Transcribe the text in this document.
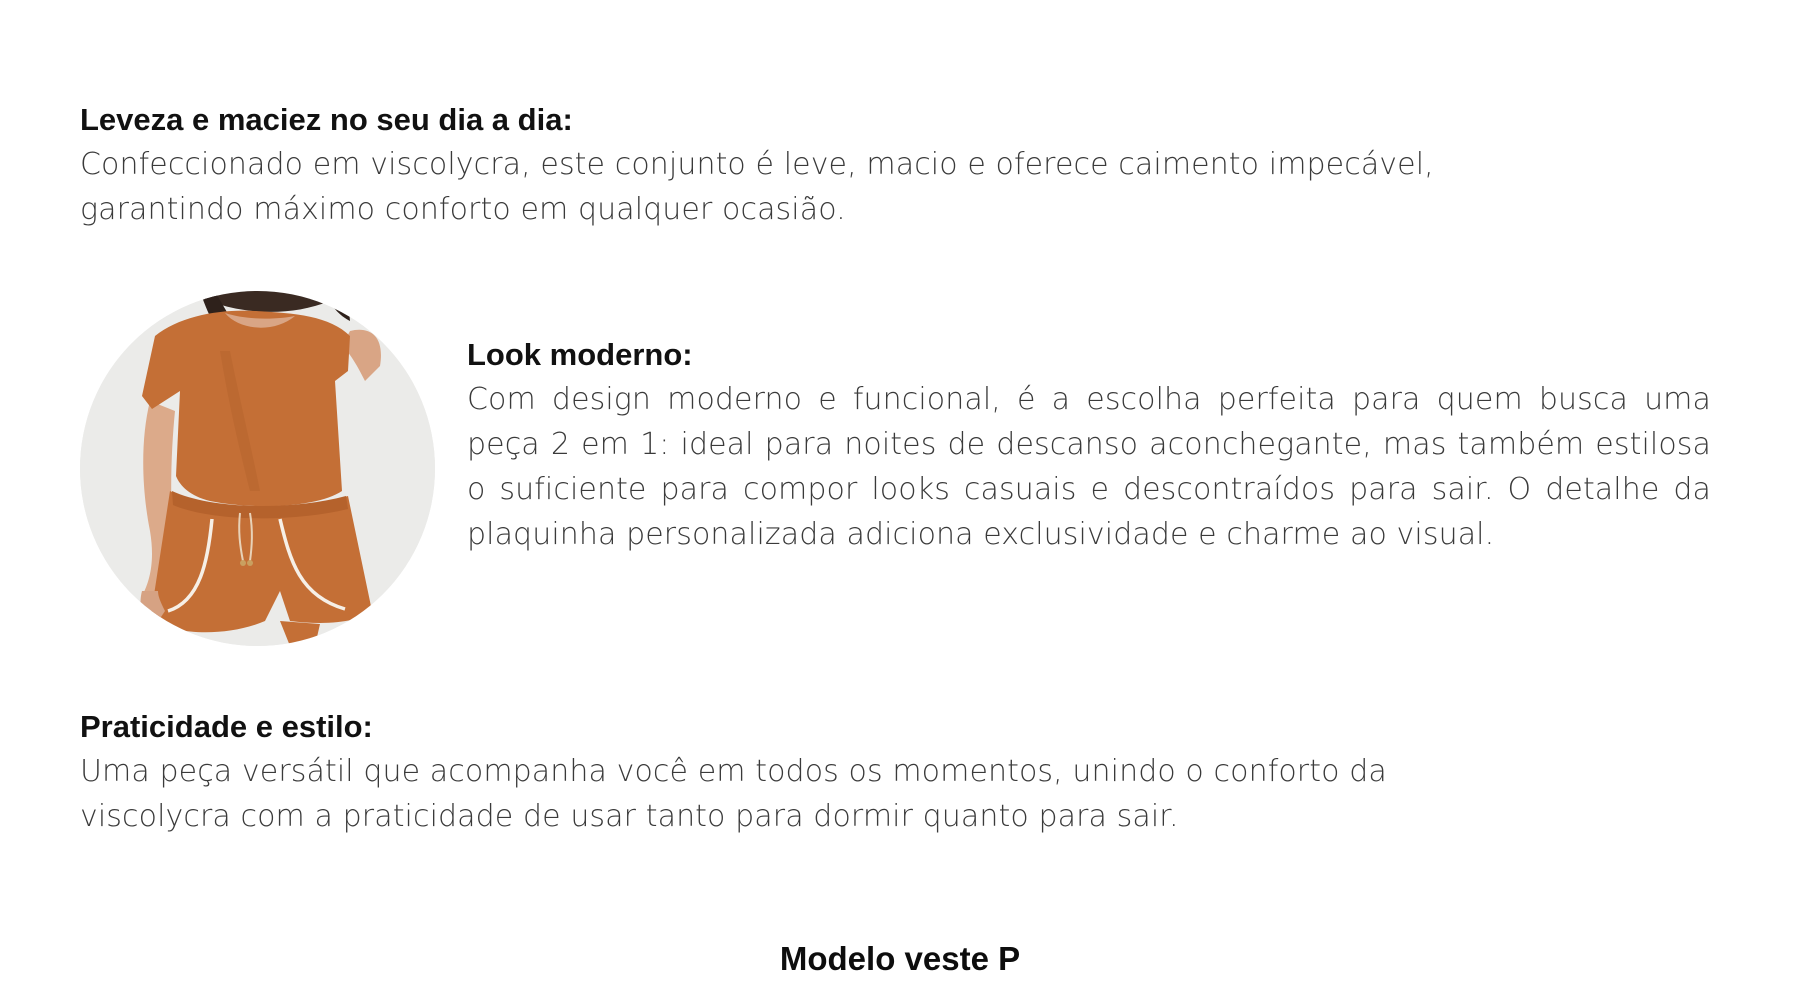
Leveza e maciez no seu dia a dia:

Confeccionado em viscolycra, este conjunto é leve, macio e oferece caimento impecável, garantindo máximo conforto em qualquer ocasião.

Look moderno:

Com design moderno e funcional, é a escolha perfeita para quem busca uma peça 2 em 1: ideal para noites de descanso aconchegante, mas também estilosa o suficiente para compor looks casuais e descontraídos para sair. O detalhe da plaquinha personalizada adiciona exclusividade e charme ao visual.

Praticidade e estilo:

Uma peça versátil que acompanha você em todos os momentos, unindo o conforto da viscolycra com a praticidade de usar tanto para dormir quanto para sair.

Modelo veste P
